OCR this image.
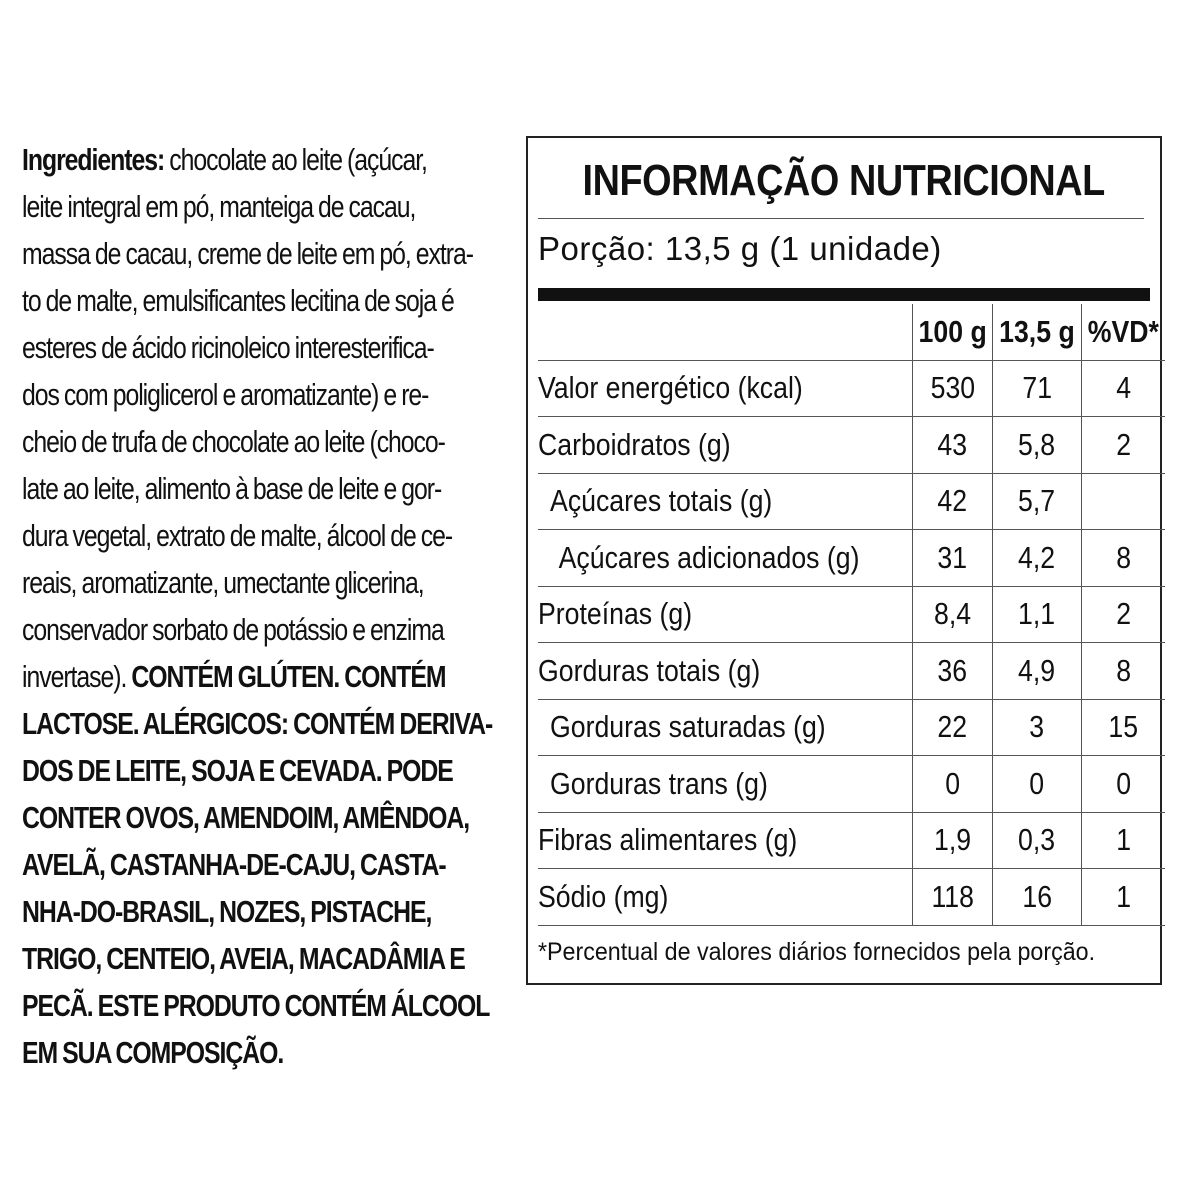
Ingredientes: chocolate ao leite (açúcar,
leite integral em pó, manteiga de cacau,
massa de cacau, creme de leite em pó, extra-
to de malte, emulsificantes lecitina de soja é
esteres de ácido ricinoleico interesterifica-
dos com poliglicerol e aromatizante) e re-
cheio de trufa de chocolate ao leite (choco-
late ao leite, alimento à base de leite e gor-
dura vegetal, extrato de malte, álcool de ce-
reais, aromatizante, umectante glicerina,
conservador sorbato de potássio e enzima
invertase). CONTÉM GLÚTEN. CONTÉM
LACTOSE. ALÉRGICOS: CONTÉM DERIVA-
DOS DE LEITE, SOJA E CEVADA. PODE
CONTER OVOS, AMENDOIM, AMÊNDOA,
AVELÃ, CASTANHA-DE-CAJU, CASTA-
NHA-DO-BRASIL, NOZES, PISTACHE,
TRIGO, CENTEIO, AVEIA, MACADÂMIA E
PECÃ. ESTE PRODUTO CONTÉM ÁLCOOL
EM SUA COMPOSIÇÃO.
INFORMAÇÃO NUTRICIONAL
Porção: 13,5 g (1 unidade)
	100 g	13,5 g	%VD*
Valor energético (kcal)	530	71	4
Carboidratos (g)	43	5,8	2
Açúcares totais (g)	42	5,7	
Açúcares adicionados (g)	31	4,2	8
Proteínas (g)	8,4	1,1	2
Gorduras totais (g)	36	4,9	8
Gorduras saturadas (g)	22	3	15
Gorduras trans (g)	0	0	0
Fibras alimentares (g)	1,9	0,3	1
Sódio (mg)	118	16	1
*Percentual de valores diários fornecidos pela porção.
